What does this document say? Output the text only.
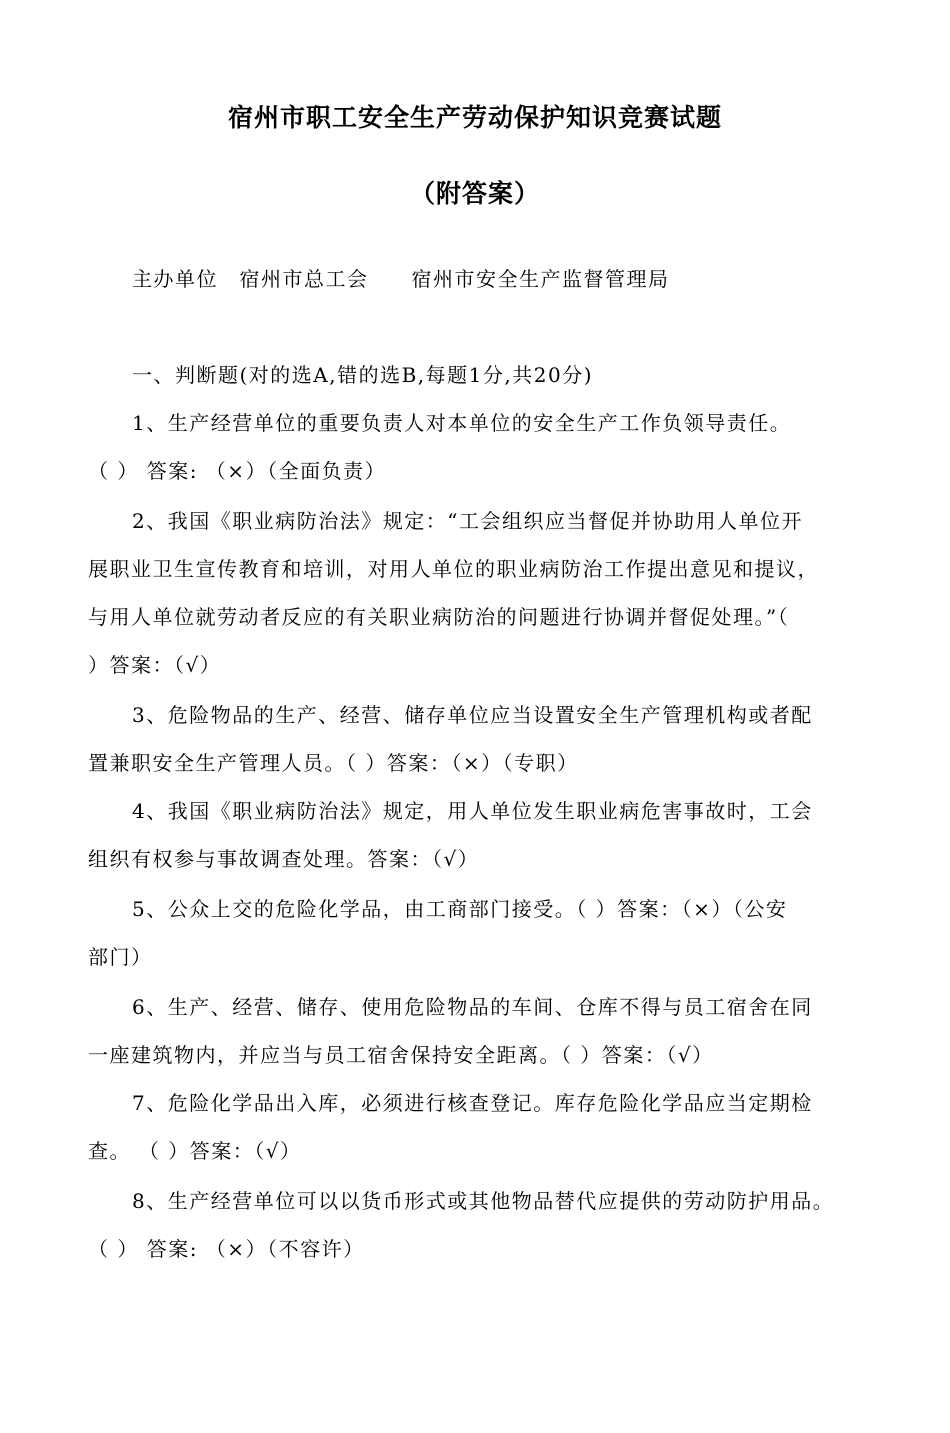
宿州市职工安全生产劳动保护知识竞赛试题
（附答案）
主办单位　宿州市总工会　　宿州市安全生产监督管理局
一、判断题(对的选A,错的选B,每题1分,共20分)
1、生产经营单位的重要负责人对本单位的安全生产工作负领导责任。
（ ） 答案: （×）（全面负责）
2、我国《职业病防治法》规定：“工会组织应当督促并协助用人单位开
展职业卫生宣传教育和培训，对用人单位的职业病防治工作提出意见和提议，
与用人单位就劳动者反应的有关职业病防治的问题进行协调并督促处理。”（
）答案：（√）
3、危险物品的生产、经营、储存单位应当设置安全生产管理机构或者配
置兼职安全生产管理人员。（ ）答案：（×）（专职）
4、我国《职业病防治法》规定，用人单位发生职业病危害事故时，工会
组织有权参与事故调查处理。答案：（√）
5、公众上交的危险化学品，由工商部门接受。（ ）答案：（×）（公安
部门）
6、生产、经营、储存、使用危险物品的车间、仓库不得与员工宿舍在同
一座建筑物内，并应当与员工宿舍保持安全距离。（ ）答案：（√）
7、危险化学品出入库，必须进行核查登记。库存危险化学品应当定期检
查。 （ ）答案：（√）
8、生产经营单位可以以货币形式或其他物品替代应提供的劳动防护用品。
（ ） 答案: （×）（不容许）
